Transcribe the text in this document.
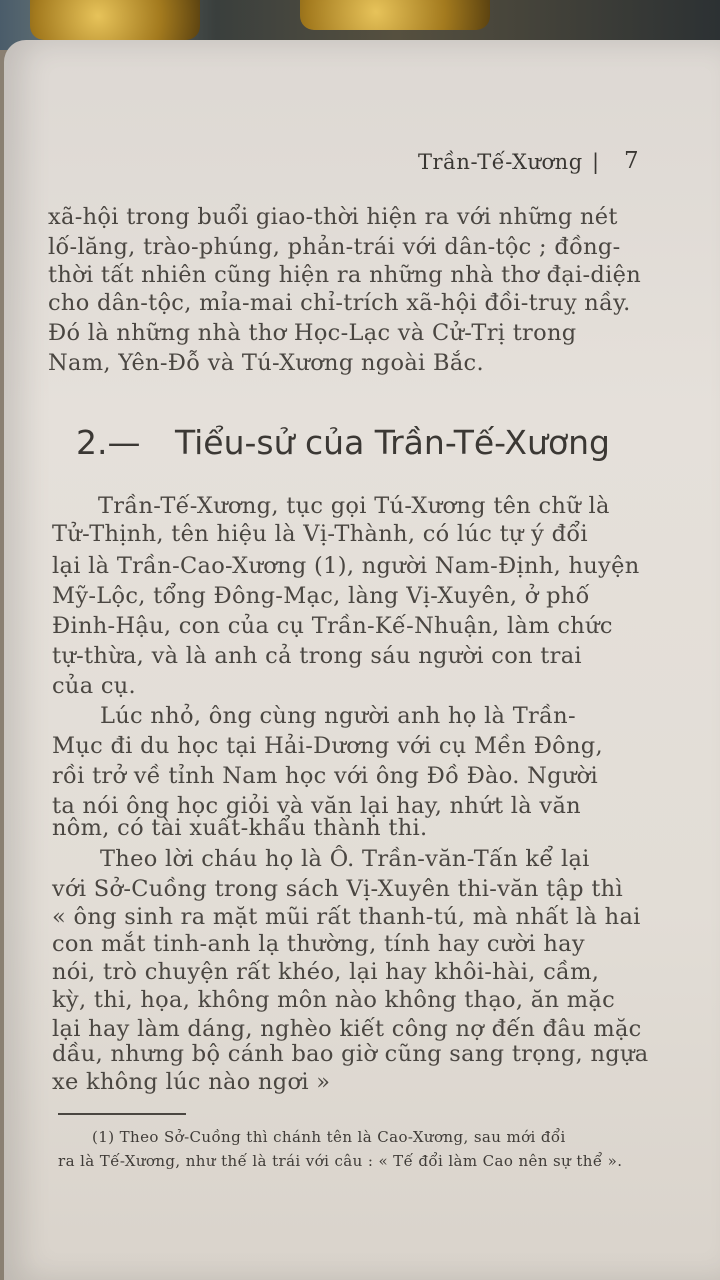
Trần-Tế-Xương | 7
xã-hội trong buổi giao-thời hiện ra với những nét
lố-lăng, trào-phúng, phản-trái với dân-tộc ; đồng-
thời tất nhiên cũng hiện ra những nhà thơ đại-diện
cho dân-tộc, mỉa-mai chỉ-trích xã-hội đồi-truỵ nầy.
Đó là những nhà thơ Học-Lạc và Cử-Trị trong
Nam, Yên-Đỗ và Tú-Xương ngoài Bắc.
2.— Tiểu-sử của Trần-Tế-Xương
Trần-Tế-Xương, tục gọi Tú-Xương tên chữ là
Tử-Thịnh, tên hiệu là Vị-Thành, có lúc tự ý đổi
lại là Trần-Cao-Xương (1), người Nam-Định, huyện
Mỹ-Lộc, tổng Đông-Mạc, làng Vị-Xuyên, ở phố
Đinh-Hậu, con của cụ Trần-Kế-Nhuận, làm chức
tự-thừa, và là anh cả trong sáu người con trai
của cụ.
Lúc nhỏ, ông cùng người anh họ là Trần-
Mục đi du học tại Hải-Dương với cụ Mền Đông,
rồi trở về tỉnh Nam học với ông Đồ Đào. Người
ta nói ông học giỏi và văn lại hay, nhứt là văn
nôm, có tài xuất-khẩu thành thi.
Theo lời cháu họ là Ô. Trần-văn-Tấn kể lại
với Sở-Cuồng trong sách Vị-Xuyên thi-văn tập thì
« ông sinh ra mặt mũi rất thanh-tú, mà nhất là hai
con mắt tinh-anh lạ thường, tính hay cười hay
nói, trò chuyện rất khéo, lại hay khôi-hài, cầm,
kỳ, thi, họa, không môn nào không thạo, ăn mặc
lại hay làm dáng, nghèo kiết công nợ đến đâu mặc
dầu, nhưng bộ cánh bao giờ cũng sang trọng, ngựa
xe không lúc nào ngơi »
(1) Theo Sở-Cuồng thì chánh tên là Cao-Xương, sau mới đổi
ra là Tế-Xương, như thế là trái với câu : « Tế đổi làm Cao nên sự thể ».
